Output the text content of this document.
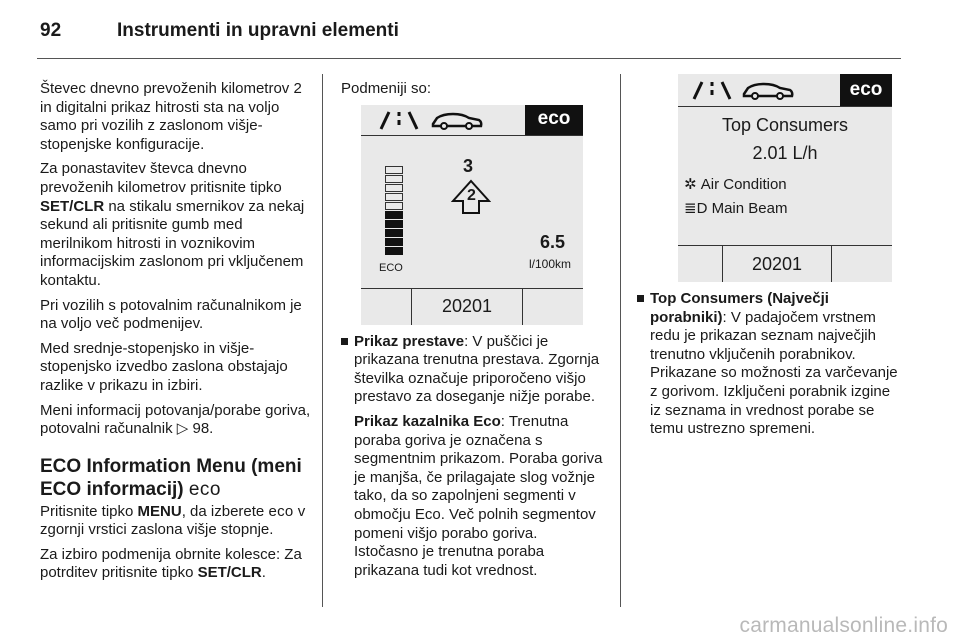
92	Instrumenti in upravni elementi

Števec dnevno prevoženih kilometrov 2 in digitalni prikaz hitrosti sta na voljo samo pri vozilih z zaslonom višje-stopenjske konfiguracije.

Za ponastavitev števca dnevno prevoženih kilometrov pritisnite tipko SET/CLR na stikalu smernikov za nekaj sekund ali pritisnite gumb med merilnikom hitrosti in voznikovim informacijskim zaslonom pri vključenem kontaktu.

Pri vozilih s potovalnim računalnikom je na voljo več podmenijev.

Med srednje-stopenjsko in višje-stopenjsko izvedbo zaslona obstajajo razlike v prikazu in izbiri.

Meni informacij potovanja/porabe goriva, potovalni računalnik ▷ 98.

ECO Information Menu (meni ECO informacij) eco

Pritisnite tipko MENU, da izberete eco v zgornji vrstici zaslona višje stopnje.

Za izbiro podmenija obrnite kolesce: Za potrditev pritisnite tipko SET/CLR.

Podmeniji so:

eco
ECO
3
2
6.5
l/100km
20201
Prikaz prestave: V puščici je prikazana trenutna prestava. Zgornja številka označuje priporočeno višjo prestavo za doseganje nižje porabe.
Prikaz kazalnika Eco: Trenutna poraba goriva je označena s segmentnim prikazom. Poraba goriva je manjša, če prilagajate slog vožnje tako, da so zapolnjeni segmenti v območju Eco. Več polnih segmentov pomeni višjo porabo goriva. Istočasno je trenutna poraba prikazana tudi kot vrednost.
eco
Top Consumers
2.01 L/h
✲ Air Condition
≣D Main Beam
20201
Top Consumers (Največji porabniki): V padajočem vrstnem redu je prikazan seznam največjih trenutno vključenih porabnikov. Prikazane so možnosti za varčevanje z gorivom. Izključeni porabnik izgine iz seznama in vrednost porabe se temu ustrezno spremeni.
carmanualsonline.info
